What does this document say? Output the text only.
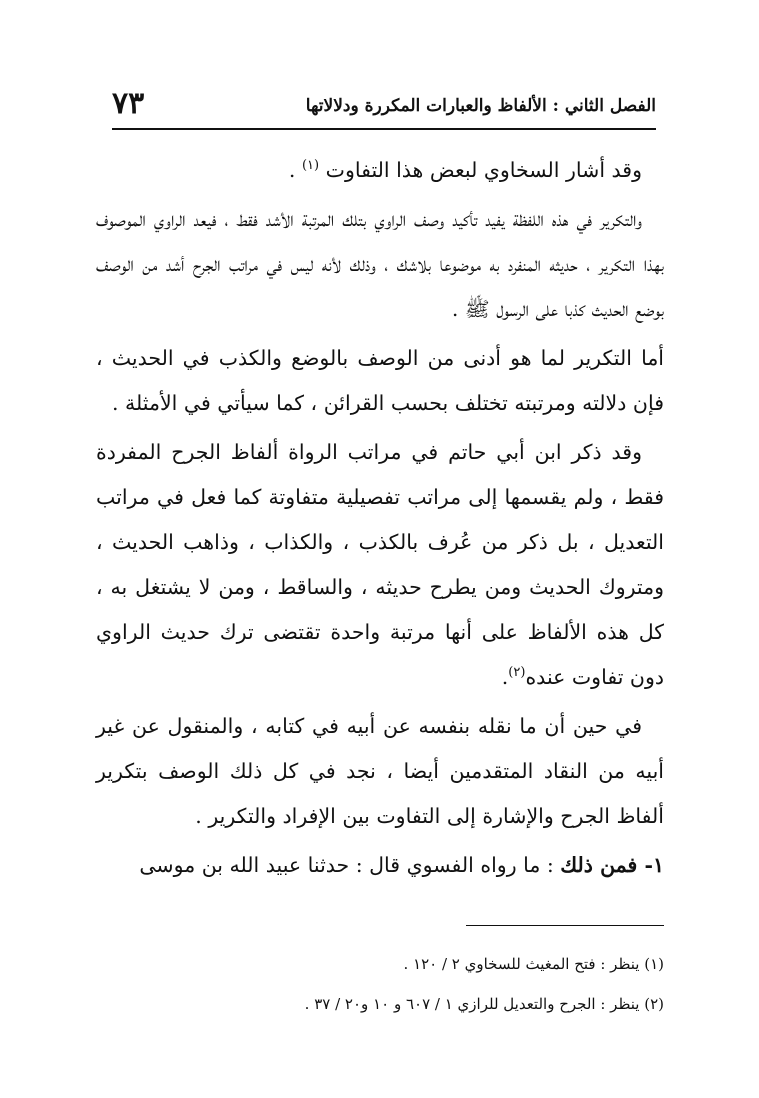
٧٣	الفصل الثاني : الألفاظ والعبارات المكررة ودلالاتها

وقد أشار السخاوي لبعض هذا التفاوت $^{(١)}$ .

والتكرير في هذه اللفظة يفيد تأكيد وصف الراوي بتلك المرتبة الأشد فقط ، فيعد الراوي الموصوف بهذا التكرير ، حديثه المنفرد به موضوعا بلاشك ، وذلك لأنه ليس في مراتب الجرح أشد من الوصف بوضع الحديث كذبا على الرسول ﷺ .

أما التكرير لما هو أدنى من الوصف بالوضع والكذب في الحديث ، فإن دلالته ومرتبته تختلف بحسب القرائن ، كما سيأتي في الأمثلة .

وقد ذكر ابن أبي حاتم في مراتب الرواة ألفاظ الجرح المفردة فقط ، ولم يقسمها إلى مراتب تفصيلية متفاوتة كما فعل في مراتب التعديل ، بل ذكر من عُرف بالكذب ، والكذاب ، وذاهب الحديث ، ومتروك الحديث ومن يطرح حديثه ، والساقط ، ومن لا يشتغل به ، كل هذه الألفاظ على أنها مرتبة واحدة تقتضى ترك حديث الراوي دون تفاوت عنده$^{(٢)}$.

في حين أن ما نقله بنفسه عن أبيه في كتابه ، والمنقول عن غير أبيه من النقاد المتقدمين أيضا ، نجد في كل ذلك الوصف بتكرير ألفاظ الجرح والإشارة إلى التفاوت بين الإفراد والتكرير .

١- فمن ذلك : ما رواه الفسوي قال : حدثنا عبيد الله بن موسى

(١) ينظر : فتح المغيث للسخاوي ٢ / ١٢٠ .

(٢) ينظر : الجرح والتعديل للرازي ١ / ٦٠٧ و ١٠ و٢٠ / ٣٧ .
